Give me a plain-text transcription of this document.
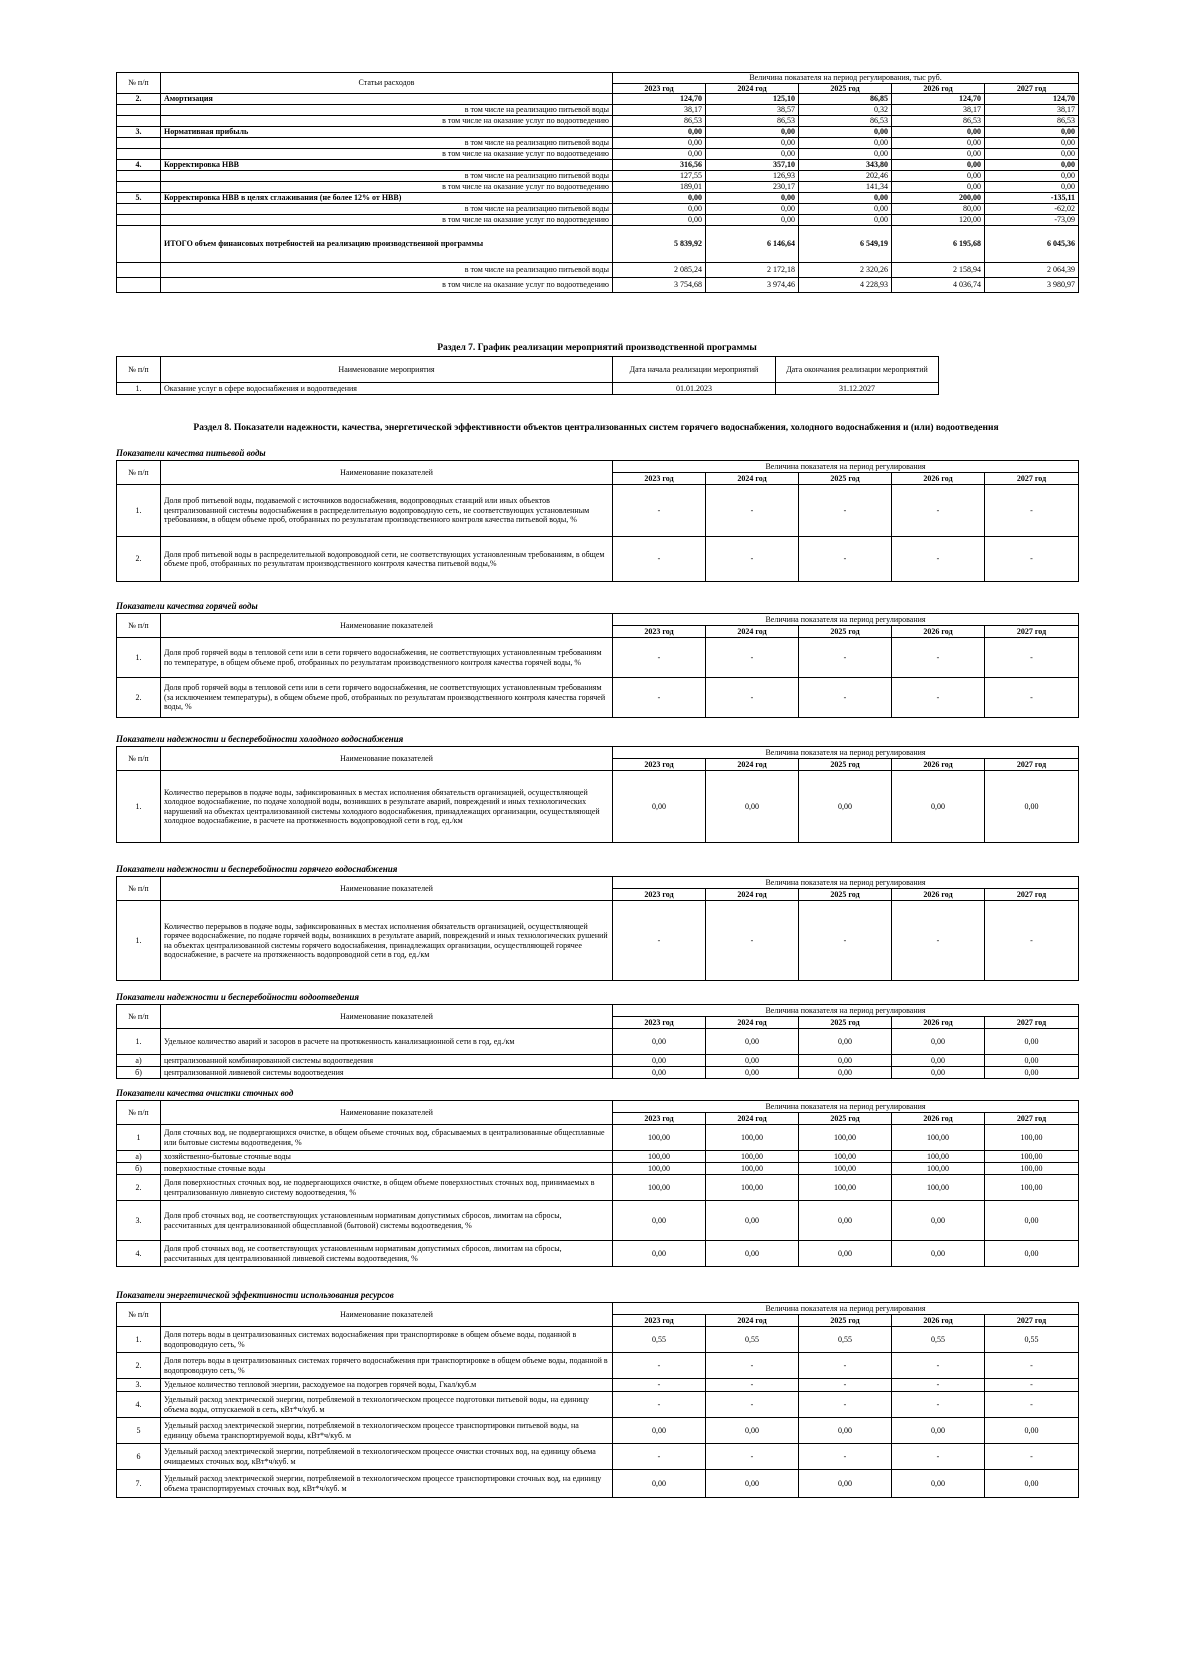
№ п/п	Статьи расходов	Величина показателя на период регулирования, тыс руб.				
		2023 год	2024 год	2025 год	2026 год	2027 год
2.	Амортизация	124,70	125,10	86,85	124,70	124,70
	в том числе на реализацию питьевой воды	38,17	38,57	0,32	38,17	38,17
	в том числе на оказание услуг по водоотведению	86,53	86,53	86,53	86,53	86,53
3.	Нормативная прибыль	0,00	0,00	0,00	0,00	0,00
	в том числе на реализацию питьевой воды	0,00	0,00	0,00	0,00	0,00
	в том числе на оказание услуг по водоотведению	0,00	0,00	0,00	0,00	0,00
4.	Корректировка НВВ	316,56	357,10	343,80	0,00	0,00
	в том числе на реализацию питьевой воды	127,55	126,93	202,46	0,00	0,00
	в том числе на оказание услуг по водоотведению	189,01	230,17	141,34	0,00	0,00
5.	Корректировка НВВ в целях сглаживания (не более 12% от НВВ)	0,00	0,00	0,00	200,00	-135,11
	в том числе на реализацию питьевой воды	0,00	0,00	0,00	80,00	-62,02
	в том числе на оказание услуг по водоотведению	0,00	0,00	0,00	120,00	-73,09
	ИТОГО объем финансовых потребностей на реализацию производственной программы	5 839,92	6 146,64	6 549,19	6 195,68	6 045,36
	в том числе на реализацию питьевой воды	2 085,24	2 172,18	2 320,26	2 158,94	2 064,39
	в том числе на оказание услуг по водоотведению	3 754,68	3 974,46	4 228,93	4 036,74	3 980,97
Раздел 7. График реализации мероприятий производственной программы
№ п/п	Наименование мероприятия	Дата начала реализации мероприятий	Дата окончания реализации мероприятий
1.	Оказание услуг в сфере водоснабжения и водоотведения	01.01.2023	31.12.2027
Раздел 8. Показатели надежности, качества, энергетической эффективности объектов централизованных систем горячего водоснабжения, холодного водоснабжения и (или) водоотведения
Показатели качества питьевой воды
№ п/п	Наименование показателей	Величина показателя на период регулирования				
		2023 год	2024 год	2025 год	2026 год	2027 год
1.	Доля проб питьевой воды, подаваемой с источников водоснабжения, водопроводных станций или иных объектов централизованной системы водоснабжения в распределительную водопроводную сеть, не соответствующих установленным требованиям, в общем объеме проб, отобранных по результатам производственного контроля качества питьевой воды, %	-	-	-	-	-
2.	Доля проб питьевой воды в распределительной водопроводной сети, не соответствующих установленным требованиям, в общем объеме проб, отобранных по результатам производственного контроля качества питьевой воды,%	-	-	-	-	-
Показатели качества горячей воды
№ п/п	Наименование показателей	Величина показателя на период регулирования				
		2023 год	2024 год	2025 год	2026 год	2027 год
1.	Доля проб горячей воды в тепловой сети или в сети горячего водоснабжения, не соответствующих установленным требованиям по температуре, в общем объеме проб, отобранных по результатам производственного контроля качества горячей воды, %	-	-	-	-	-
2.	Доля проб горячей воды в тепловой сети или в сети горячего водоснабжения, не соответствующих установленным требованиям (за исключением температуры), в общем объеме проб, отобранных по результатам производственного контроля качества горячей воды, %	-	-	-	-	-
Показатели надежности и бесперебойности холодного водоснабжения
№ п/п	Наименование показателей	Величина показателя на период регулирования				
		2023 год	2024 год	2025 год	2026 год	2027 год
1.	Количество перерывов в подаче воды, зафиксированных в местах исполнения обязательств организацией, осуществляющей холодное водоснабжение, по подаче холодной воды, возникших в результате аварий, повреждений и иных технологических нарушений на объектах централизованной системы холодного водоснабжения, принадлежащих организации, осуществляющей холодное водоснабжение, в расчете на протяженность водопроводной сети в год, ед./км	0,00	0,00	0,00	0,00	0,00
Показатели надежности и бесперебойности горячего водоснабжения
№ п/п	Наименование показателей	Величина показателя на период регулирования				
		2023 год	2024 год	2025 год	2026 год	2027 год
1.	Количество перерывов в подаче воды, зафиксированных в местах исполнения обязательств организацией, осуществляющей горячее водоснабжение, по подаче горячей воды, возникших в результате аварий, повреждений и иных технологических рушений на объектах централизованной системы горячего водоснабжения, принадлежащих организации, осуществляющей горячее водоснабжение, в расчете на протяженность водопроводной сети в год, ед./км	-	-	-	-	-
Показатели надежности и бесперебойности водоотведения
№ п/п	Наименование показателей	Величина показателя на период регулирования				
		2023 год	2024 год	2025 год	2026 год	2027 год
1.	Удельное количество аварий и засоров в расчете на протяженность канализационной сети в год, ед./км	0,00	0,00	0,00	0,00	0,00
а)	централизованной комбинированной системы водоотведения	0,00	0,00	0,00	0,00	0,00
б)	централизованной ливневой системы водоотведения	0,00	0,00	0,00	0,00	0,00
Показатели качества очистки сточных вод
№ п/п	Наименование показателей	Величина показателя на период регулирования				
		2023 год	2024 год	2025 год	2026 год	2027 год
1	Доля сточных вод, не подвергающихся очистке, в общем объеме сточных вод, сбрасываемых в централизованные общесплавные или бытовые системы водоотведения, %	100,00	100,00	100,00	100,00	100,00
а)	хозяйственно-бытовые сточные воды	100,00	100,00	100,00	100,00	100,00
б)	поверхностные сточные воды	100,00	100,00	100,00	100,00	100,00
2.	Доля поверхностных сточных вод, не подвергающихся очистке, в общем объеме поверхностных сточных вод, принимаемых в централизованную ливневую систему водоотведения, %	100,00	100,00	100,00	100,00	100,00
3.	Доля проб сточных вод, не соответствующих установленным нормативам допустимых сбросов, лимитам на сбросы, рассчитанных для централизованной общесплавной (бытовой) системы водоотведения, %	0,00	0,00	0,00	0,00	0,00
4.	Доля проб сточных вод, не соответствующих установленным нормативам допустимых сбросов, лимитам на сбросы, рассчитанных для централизованной ливневой системы водоотведения, %	0,00	0,00	0,00	0,00	0,00
Показатели энергетической эффективности использования ресурсов
№ п/п	Наименование показателей	Величина показателя на период регулирования				
		2023 год	2024 год	2025 год	2026 год	2027 год
1.	Доля потерь воды в централизованных системах водоснабжения при транспортировке в общем объеме воды, поданной в водопроводную сеть, %	0,55	0,55	0,55	0,55	0,55
2.	Доля потерь воды в централизованных системах горячего водоснабжения при транспортировке в общем объеме воды, поданной в водопроводную сеть, %	-	-	-	-	-
3.	Удельное количество тепловой энергии, расходуемое на подогрев горячей воды, Гкал/куб.м	-	-	-	-	-
4.	Удельный расход электрической энергии, потребляемой в технологическом процессе подготовки питьевой воды, на единицу объема воды, отпускаемой в сеть, кВт*ч/куб. м	-	-	-	-	-
5	Удельный расход электрической энергии, потребляемой в технологическом процессе транспортировки питьевой воды, на единицу объема транспортируемой воды, кВт*ч/куб. м	0,00	0,00	0,00	0,00	0,00
6	Удельный расход электрической энергии, потребляемой в технологическом процессе очистки сточных вод, на единицу объема очищаемых сточных вод, кВт*ч/куб. м	-	-	-	-	-
7.	Удельный расход электрической энергии, потребляемой в технологическом процессе транспортировки сточных вод, на единицу объема транспортируемых сточных вод, кВт*ч/куб. м	0,00	0,00	0,00	0,00	0,00
